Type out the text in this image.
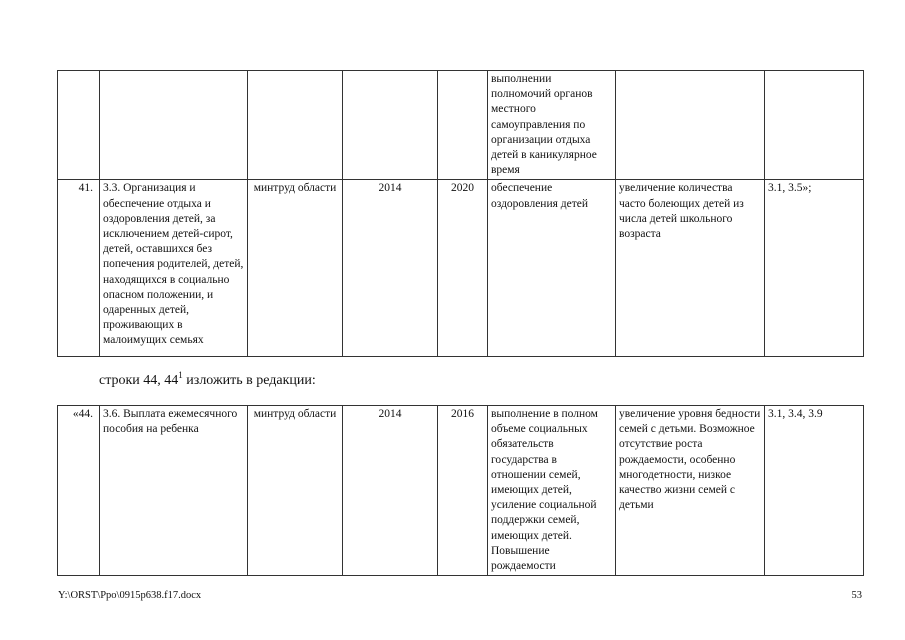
					выполнении полномочий органов местного самоуправления по организации отдыха детей в каникулярное время		
41.	3.3. Организация и обеспечение отдыха и оздоровления детей, за исключением детей-сирот, детей, оставшихся без попечения родителей, детей, находящихся в социально опасном положении, и одаренных детей, проживающих в малоимущих семьях	минтруд области	2014	2020	обеспечение оздоровления детей	увеличение количества часто болеющих детей из числа детей школьного возраста	3.1, 3.5»;
строки 44, $44^1$ изложить в редакции:
«44.	3.6. Выплата ежемесячного пособия на ребенка	минтруд области	2014	2016	выполнение в полном объеме социальных обязательств государства в отношении семей, имеющих детей, усиление социальной поддержки семей, имеющих детей. Повышение рождаемости	увеличение уровня бедности семей с детьми. Возможное отсутствие роста рождаемости, особенно многодетности, низкое качество жизни семей с детьми	3.1, 3.4, 3.9
Y:\ORST\Ppo\0915p638.f17.docx	53
